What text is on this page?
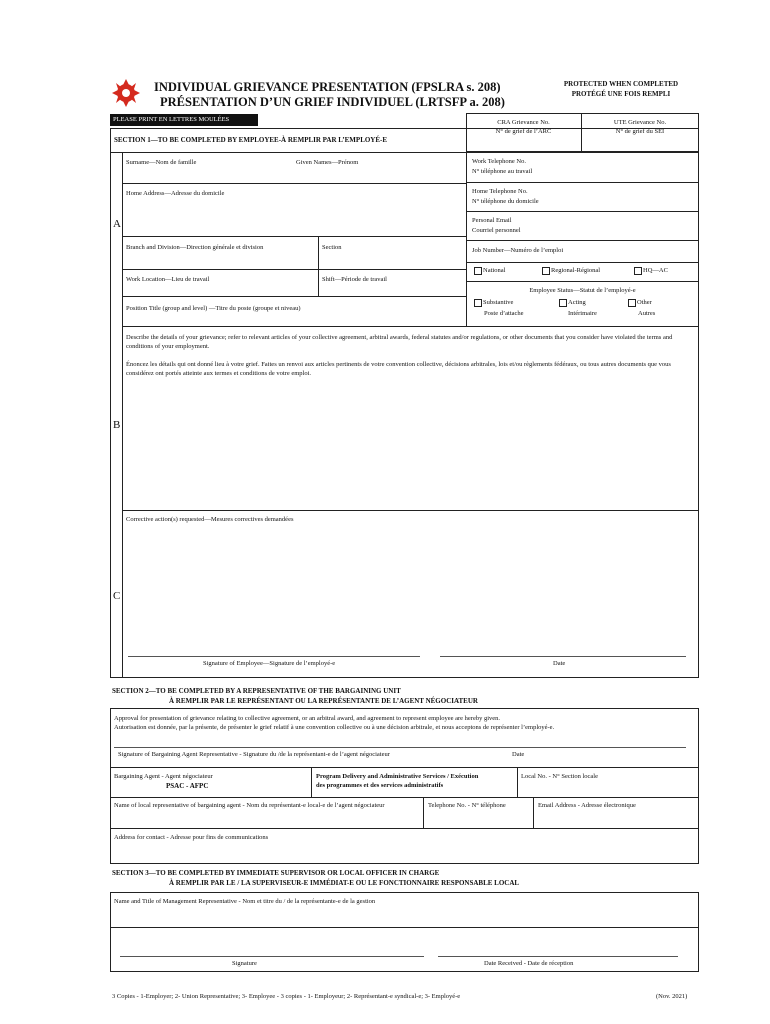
INDIVIDUAL GRIEVANCE PRESENTATION (FPSLRA s. 208)
PRÉSENTATION D’UN GRIEF INDIVIDUEL (LRTSFP a. 208)
PROTECTED WHEN COMPLETED
PROTÉGÉ UNE FOIS REMPLI
PLEASE PRINT EN LETTRES MOULÉES	CRA Grievance No.
N° de grief de l’ARC
UTE Grievance No.
N° de grief du SEI
SECTION 1—TO BE COMPLETED BY EMPLOYEE-À REMPLIR PAR L’EMPLOYÉ-E
A
B
C
Surname—Nom de famille	Given Names—Prénom
Home Address—Adresse du domicile
Branch and Division—Direction générale et division	Section
Work Location—Lieu de travail	Shift—Période de travail
Position Title (group and level) —Titre du poste (groupe et niveau)
Work Telephone No.
N° téléphone au travail
Home Telephone No.
N° téléphone du domicile
Personal Email
Courriel personnel
Job Number—Numéro de l’emploi
National	Regional-Régional	HQ—AC
Employee Status—Statut de l’employé-e
Substantive
Poste d’attache
Acting
Intérimaire
Other
Autres
Describe the details of your grievance; refer to relevant articles of your collective agreement, arbitral awards, federal statutes and/or regulations, or other documents that you consider have violated the terms and conditions of your employment.
Énoncez les détails qui ont donné lieu à votre grief. Faites un renvoi aux articles pertinents de votre convention collective, décisions arbitrales, lois et/ou règlements fédéraux, ou tous autres documents que vous considérez ont portés atteinte aux termes et conditions de votre emploi.
Corrective action(s) requested—Mesures correctives demandées
Signature of Employee—Signature de l’employé-e	Date
SECTION 2—TO BE COMPLETED BY A REPRESENTATIVE OF THE BARGAINING UNIT
À REMPLIR PAR LE REPRÉSENTANT OU LA REPRÉSENTANTE DE L’AGENT NÉGOCIATEUR
Approval for presentation of grievance relating to collective agreement, or an arbitral award, and agreement to represent employee are hereby given.
Autorisation est donnée, par la présente, de présenter le grief relatif à une convention collective ou à une décision arbitrale, et nous acceptons de représenter l’employé-e.
Signature of Bargaining Agent Representative - Signature du /de la représentant-e de l’agent négociateur	Date
Bargaining Agent - Agent négociateur
PSAC - AFPC
Program Delivery and Administrative Services / Exécution
des programmes et des services administratifs
Local No. - N° Section locale
Name of local representative of bargaining agent - Nom du représentant-e local-e de l’agent négociateur	Telephone No. - N° téléphone	Email Address - Adresse électronique
Address for contact - Adresse pour fins de communications
SECTION 3—TO BE COMPLETED BY IMMEDIATE SUPERVISOR OR LOCAL OFFICER IN CHARGE
À REMPLIR PAR LE / LA SUPERVISEUR-E IMMÉDIAT-E OU LE FONCTIONNAIRE RESPONSABLE LOCAL
Name and Title of Management Representative - Nom et titre du / de la représentante-e de la gestion
Signature	Date Received - Date de réception
3 Copies - 1-Employer; 2- Union Representative; 3- Employee - 3 copies - 1- Employeur; 2- Représentant-e syndical-e; 3- Employé-e	(Nov. 2021)
